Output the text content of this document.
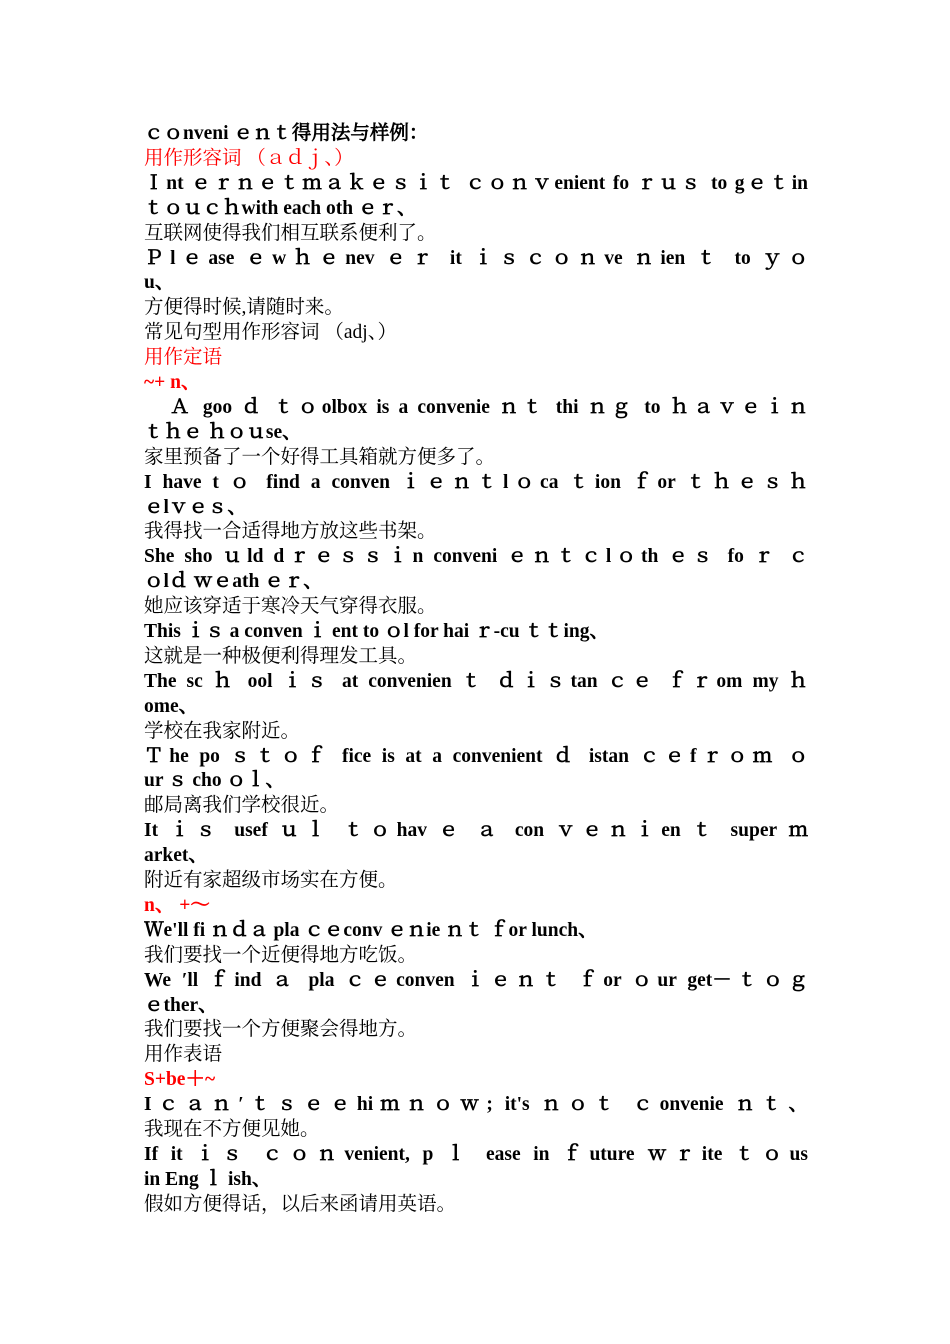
ｃｏnveni ｅｎｔ得用法与样例：
用作形容词 （ａｄｊ、）
Ｉnt ｅｒｎｅｔｍａｋｅｓｉｔ ｃｏｎｖenient fo ｒｕｓ to gｅｔin
ｔｏｕｃｈwith each oth ｅｒ、
互联网使得我们相互联系便利了。
Ｐlｅase ｅwｈｅnev ｅｒ it ｉｓｃｏｎve ｎien ｔ to ｙｏ
u、
方便得时候,请随时来。
常见句型用作形容词 （adj、）
用作定语
~+ n、
Ａ goo ｄ ｔｏolbox is a convenie ｎｔ thi ｎｇ to ｈａｖｅｉｎ
ｔｈｅ ｈｏｕse、
家里预备了一个好得工具箱就方便多了。
I have t ｏ find a conven ｉｅｎｔlｏca ｔion ｆor ｔｈｅｓｈ
ｅlｖｅｓ、
我得找一合适得地方放这些书架。
She sho ｕld dｒｅｓｓｉn conveni ｅｎｔｃlｏth ｅｓ fo ｒ ｃ
ｏlｄ ｗｅath ｅｒ、
她应该穿适于寒冷天气穿得衣服。
This ｉｓ a conven ｉ ent to ｏl for hai ｒ-cu ｔｔing、
这就是一种极便利得理发工具。
The sc ｈ ool ｉｓ at convenien ｔ ｄｉｓtan ｃｅ ｆｒom my ｈ
ome、
学校在我家附近。
Ｔhe po ｓｔｏｆ fice is at a convenient ｄ istan ｃｅfｒｏｍ ｏ
ur ｓ cho ｏｌ、
邮局离我们学校很近。
It ｉｓ usef ｕｌ ｔｏhav ｅ ａ con ｖｅｎｉen ｔ super ｍ
arket、
附近有家超级市场实在方便。
n、 +～
Ｗe'll fi ｎｄａ pla ｃｅconv ｅｎie ｎｔ ｆor lunch、
我们要找一个近便得地方吃饭。
We ′ll ｆind ａ pla ｃｅconven ｉｅｎｔ ｆor ｏur get－ｔｏｇ
ｅther、
我们要找一个方便聚会得地方。
用作表语
S+be＋~
Iｃａｎ′ｔｓｅｅhiｍｎｏｗ; it's ｎｏｔ ｃonvenie ｎｔ、
我现在不方便见她。
If it ｉｓ ｃｏｎvenient, p ｌ ease in ｆuture ｗｒite ｔｏus
in Eng ｌ ish、
假如方便得话，以后来函请用英语。
